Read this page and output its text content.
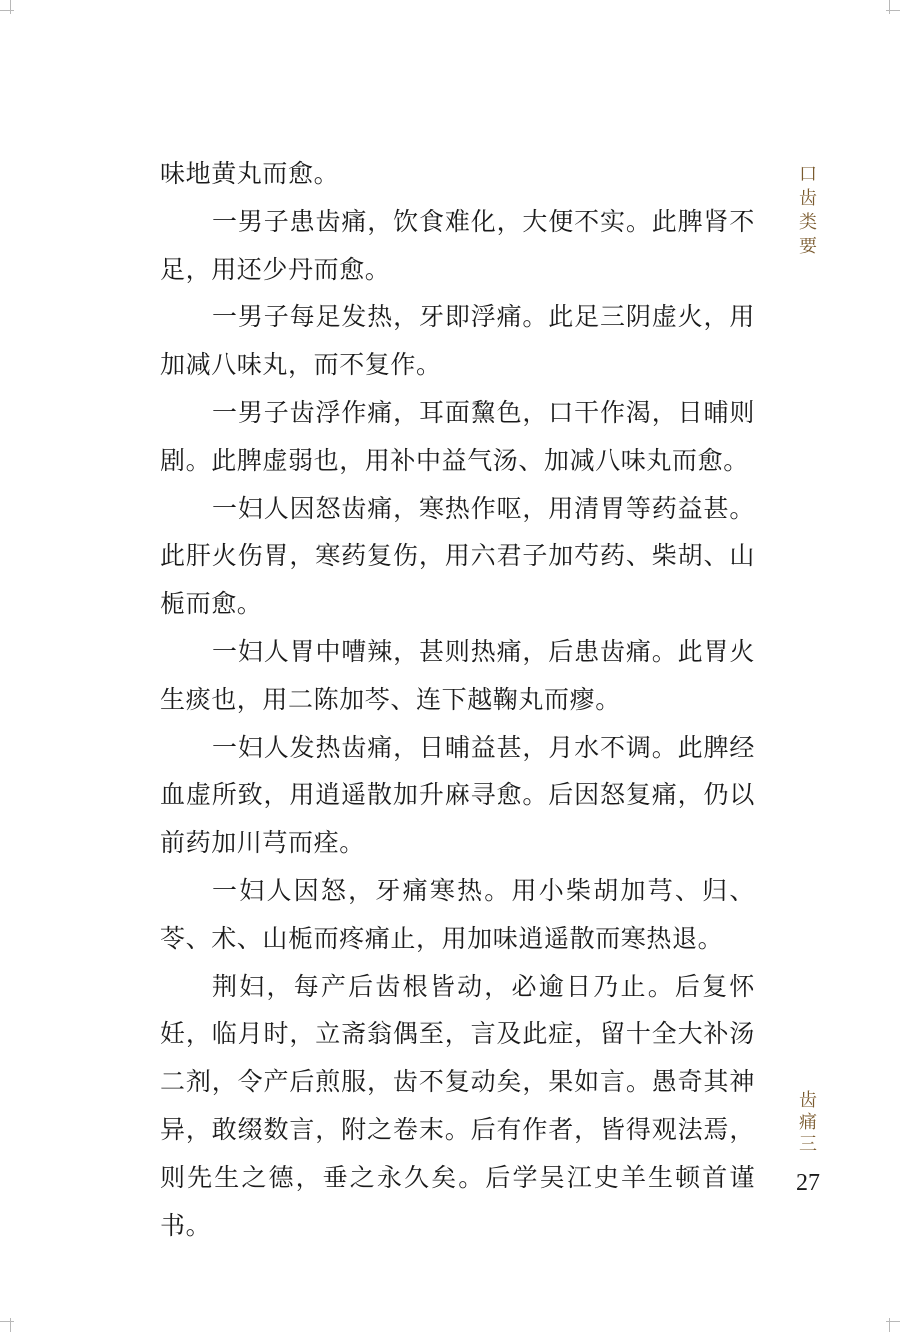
味地黄丸而愈。

一男子患齿痛，饮食难化，大便不实。此脾肾不足，用还少丹而愈。

一男子每足发热，牙即浮痛。此足三阴虚火，用加减八味丸，而不复作。

一男子齿浮作痛，耳面黧色，口干作渴，日晡则剧。此脾虚弱也，用补中益气汤、加减八味丸而愈。

一妇人因怒齿痛，寒热作呕，用清胃等药益甚。此肝火伤胃，寒药复伤，用六君子加芍药、柴胡、山栀而愈。

一妇人胃中嘈辣，甚则热痛，后患齿痛。此胃火生痰也，用二陈加芩、连下越鞠丸而瘳。

一妇人发热齿痛，日晡益甚，月水不调。此脾经血虚所致，用逍遥散加升麻寻愈。后因怒复痛，仍以前药加川芎而痊。

一妇人因怒，牙痛寒热。用小柴胡加芎、归、苓、术、山栀而疼痛止，用加味逍遥散而寒热退。

荆妇，每产后齿根皆动，必逾日乃止。后复怀妊，临月时，立斋翁偶至，言及此症，留十全大补汤二剂，令产后煎服，齿不复动矣，果如言。愚奇其神异，敢缀数言，附之卷末。后有作者，皆得观法焉，则先生之德，垂之永久矣。后学吴江史羊生顿首谨书。

口
齿
类
要
齿
痛
三
27
